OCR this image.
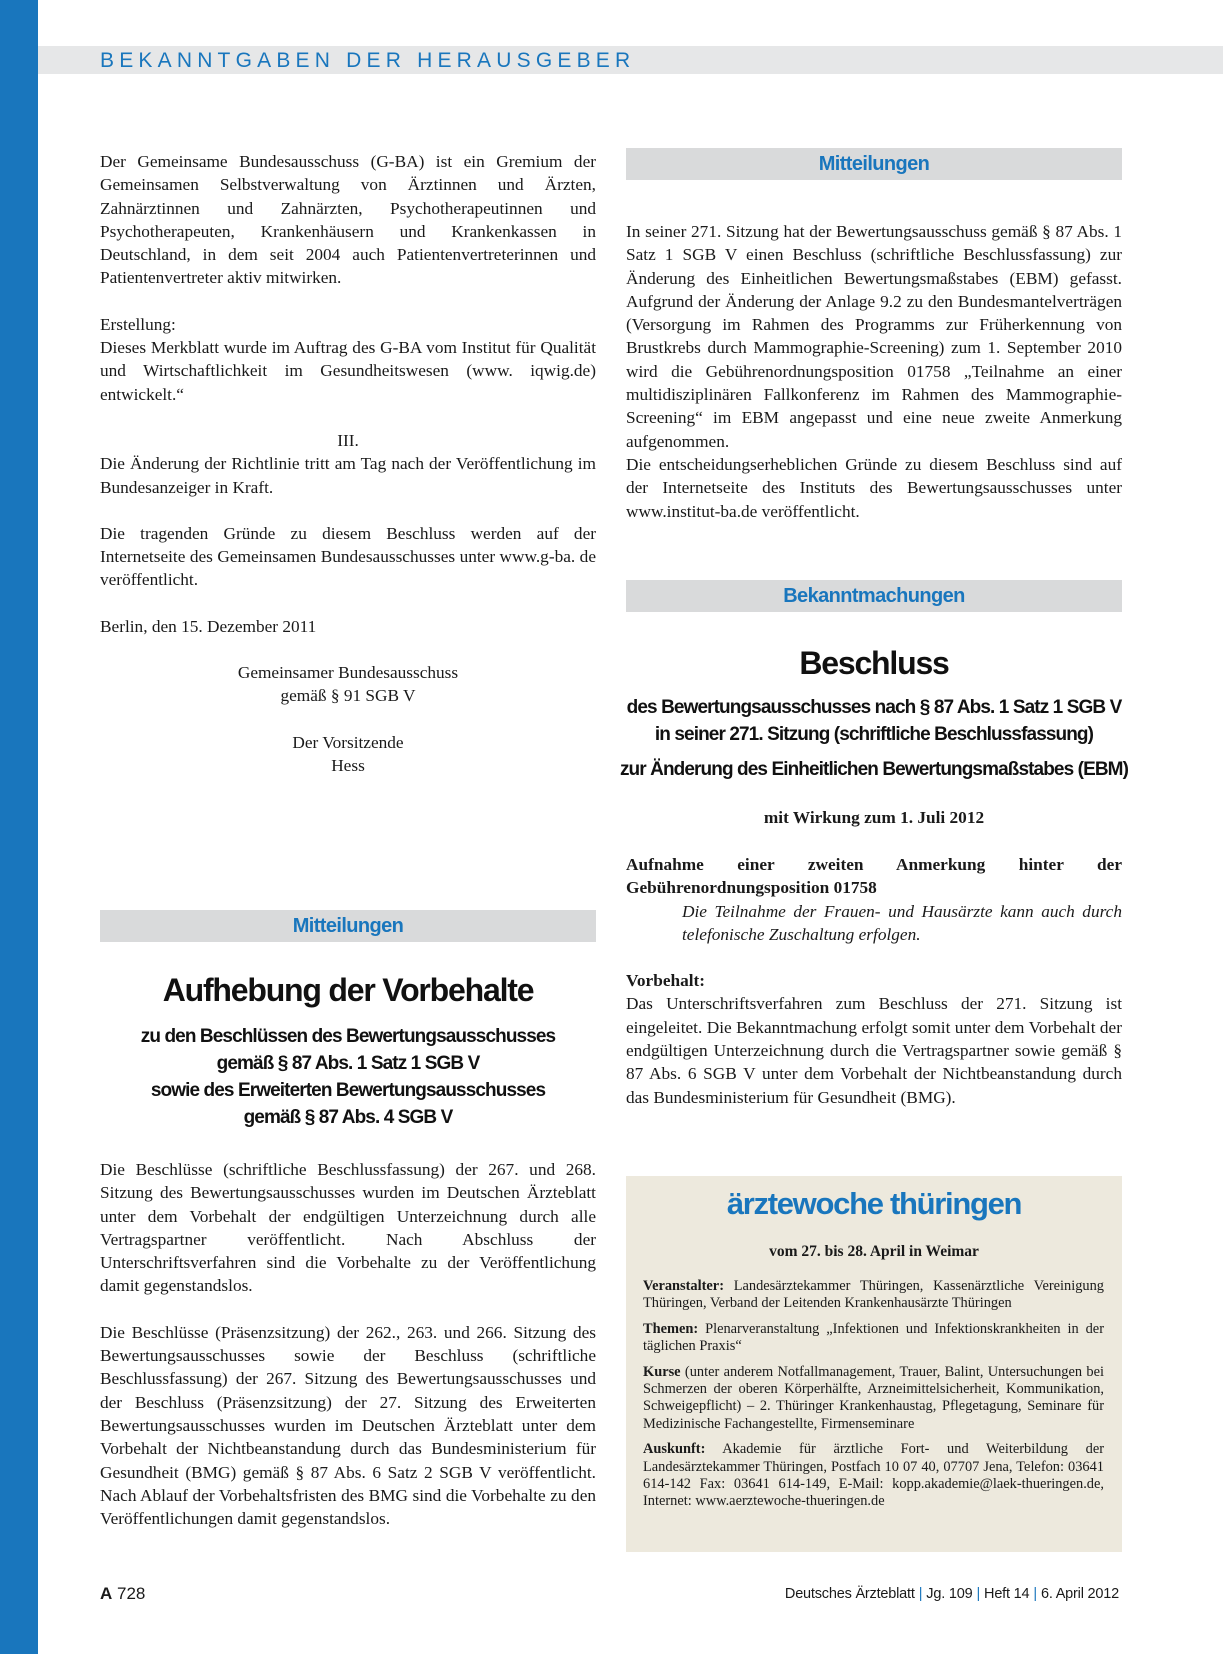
BEKANNTGABEN DER HERAUSGEBER

Der Gemeinsame Bundesausschuss (G-BA) ist ein Gremium der Gemeinsamen Selbstverwaltung von Ärztinnen und Ärzten, Zahnärztinnen und Zahnärzten, Psychotherapeutinnen und Psychotherapeuten, Krankenhäusern und Krankenkassen in Deutschland, in dem seit 2004 auch Patientenvertreterinnen und Patientenvertreter aktiv mitwirken.

Erstellung:

Dieses Merkblatt wurde im Auftrag des G-BA vom Institut für Qualität und Wirtschaftlichkeit im Gesundheitswesen (www. iqwig.de) entwickelt.“

III.

Die Änderung der Richtlinie tritt am Tag nach der Veröffentlichung im Bundesanzeiger in Kraft.

Die tragenden Gründe zu diesem Beschluss werden auf der Internetseite des Gemeinsamen Bundesausschusses unter www.g-ba. de veröffentlicht.

Berlin, den 15. Dezember 2011

Gemeinsamer Bundesausschuss

gemäß § 91 SGB V

Der Vorsitzende

Hess

Mitteilungen
Aufhebung der Vorbehalte
zu den Beschlüssen des Bewertungsausschusses
gemäß § 87 Abs. 1 Satz 1 SGB V
sowie des Erweiterten Bewertungsausschusses
gemäß § 87 Abs. 4 SGB V

Die Beschlüsse (schriftliche Beschlussfassung) der 267. und 268. Sitzung des Bewertungsausschusses wurden im Deutschen Ärzteblatt unter dem Vorbehalt der endgültigen Unterzeichnung durch alle Vertragspartner veröffentlicht. Nach Abschluss der Unterschriftsverfahren sind die Vorbehalte zu der Veröffentlichung damit gegenstandslos.

Die Beschlüsse (Präsenzsitzung) der 262., 263. und 266. Sitzung des Bewertungsausschusses sowie der Beschluss (schriftliche Beschlussfassung) der 267. Sitzung des Bewertungsausschusses und der Beschluss (Präsenzsitzung) der 27. Sitzung des Erweiterten Bewertungsausschusses wurden im Deutschen Ärzteblatt unter dem Vorbehalt der Nichtbeanstandung durch das Bundesministerium für Gesundheit (BMG) gemäß § 87 Abs. 6 Satz 2 SGB V veröffentlicht. Nach Ablauf der Vorbehaltsfristen des BMG sind die Vorbehalte zu den Veröffentlichungen damit gegenstandslos.

Mitteilungen

In seiner 271. Sitzung hat der Bewertungsausschuss gemäß § 87 Abs. 1 Satz 1 SGB V einen Beschluss (schriftliche Beschlussfassung) zur Änderung des Einheitlichen Bewertungsmaßstabes (EBM) gefasst. Aufgrund der Änderung der Anlage 9.2 zu den Bundesmantelverträgen (Versorgung im Rahmen des Programms zur Früherkennung von Brustkrebs durch Mammographie-Screening) zum 1. September 2010 wird die Gebührenordnungsposition 01758 „Teilnahme an einer multidisziplinären Fallkonferenz im Rahmen des Mammographie-Screening“ im EBM angepasst und eine neue zweite Anmerkung aufgenommen.

Die entscheidungserheblichen Gründe zu diesem Beschluss sind auf der Internetseite des Instituts des Bewertungsausschusses unter www.institut-ba.de veröffentlicht.

Bekanntmachungen
Beschluss
des Bewertungsausschusses nach § 87 Abs. 1 Satz 1 SGB V
in seiner 271. Sitzung (schriftliche Beschlussfassung)
zur Änderung des Einheitlichen Bewertungsmaßstabes (EBM)
mit Wirkung zum 1. Juli 2012

Aufnahme einer zweiten Anmerkung hinter der Gebührenordnungsposition 01758

Die Teilnahme der Frauen- und Hausärzte kann auch durch telefonische Zuschaltung erfolgen.

Vorbehalt:

Das Unterschriftsverfahren zum Beschluss der 271. Sitzung ist eingeleitet. Die Bekanntmachung erfolgt somit unter dem Vorbehalt der endgültigen Unterzeichnung durch die Vertragspartner sowie gemäß § 87 Abs. 6 SGB V unter dem Vorbehalt der Nichtbeanstandung durch das Bundesministerium für Gesundheit (BMG).

ärztewoche thüringen
vom 27. bis 28. April in Weimar

Veranstalter: Landesärztekammer Thüringen, Kassenärztliche Vereinigung Thüringen, Verband der Leitenden Krankenhausärzte Thüringen

Themen: Plenarveranstaltung „Infektionen und Infektionskrankheiten in der täglichen Praxis“

Kurse (unter anderem Notfallmanagement, Trauer, Balint, Untersuchungen bei Schmerzen der oberen Körperhälfte, Arzneimittelsicherheit, Kommunikation, Schweigepflicht) – 2. Thüringer Krankenhaustag, Pflegetagung, Seminare für Medizinische Fachangestellte, Firmenseminare

Auskunft: Akademie für ärztliche Fort- und Weiterbildung der Landesärztekammer Thüringen, Postfach 10 07 40, 07707 Jena, Telefon: 03641 614-142 Fax: 03641 614-149, E-Mail: kopp.akademie@laek-thueringen.de, Internet: www.aerztewoche-thueringen.de

A 728	Deutsches Ärzteblatt | Jg. 109 | Heft 14 | 6. April 2012
